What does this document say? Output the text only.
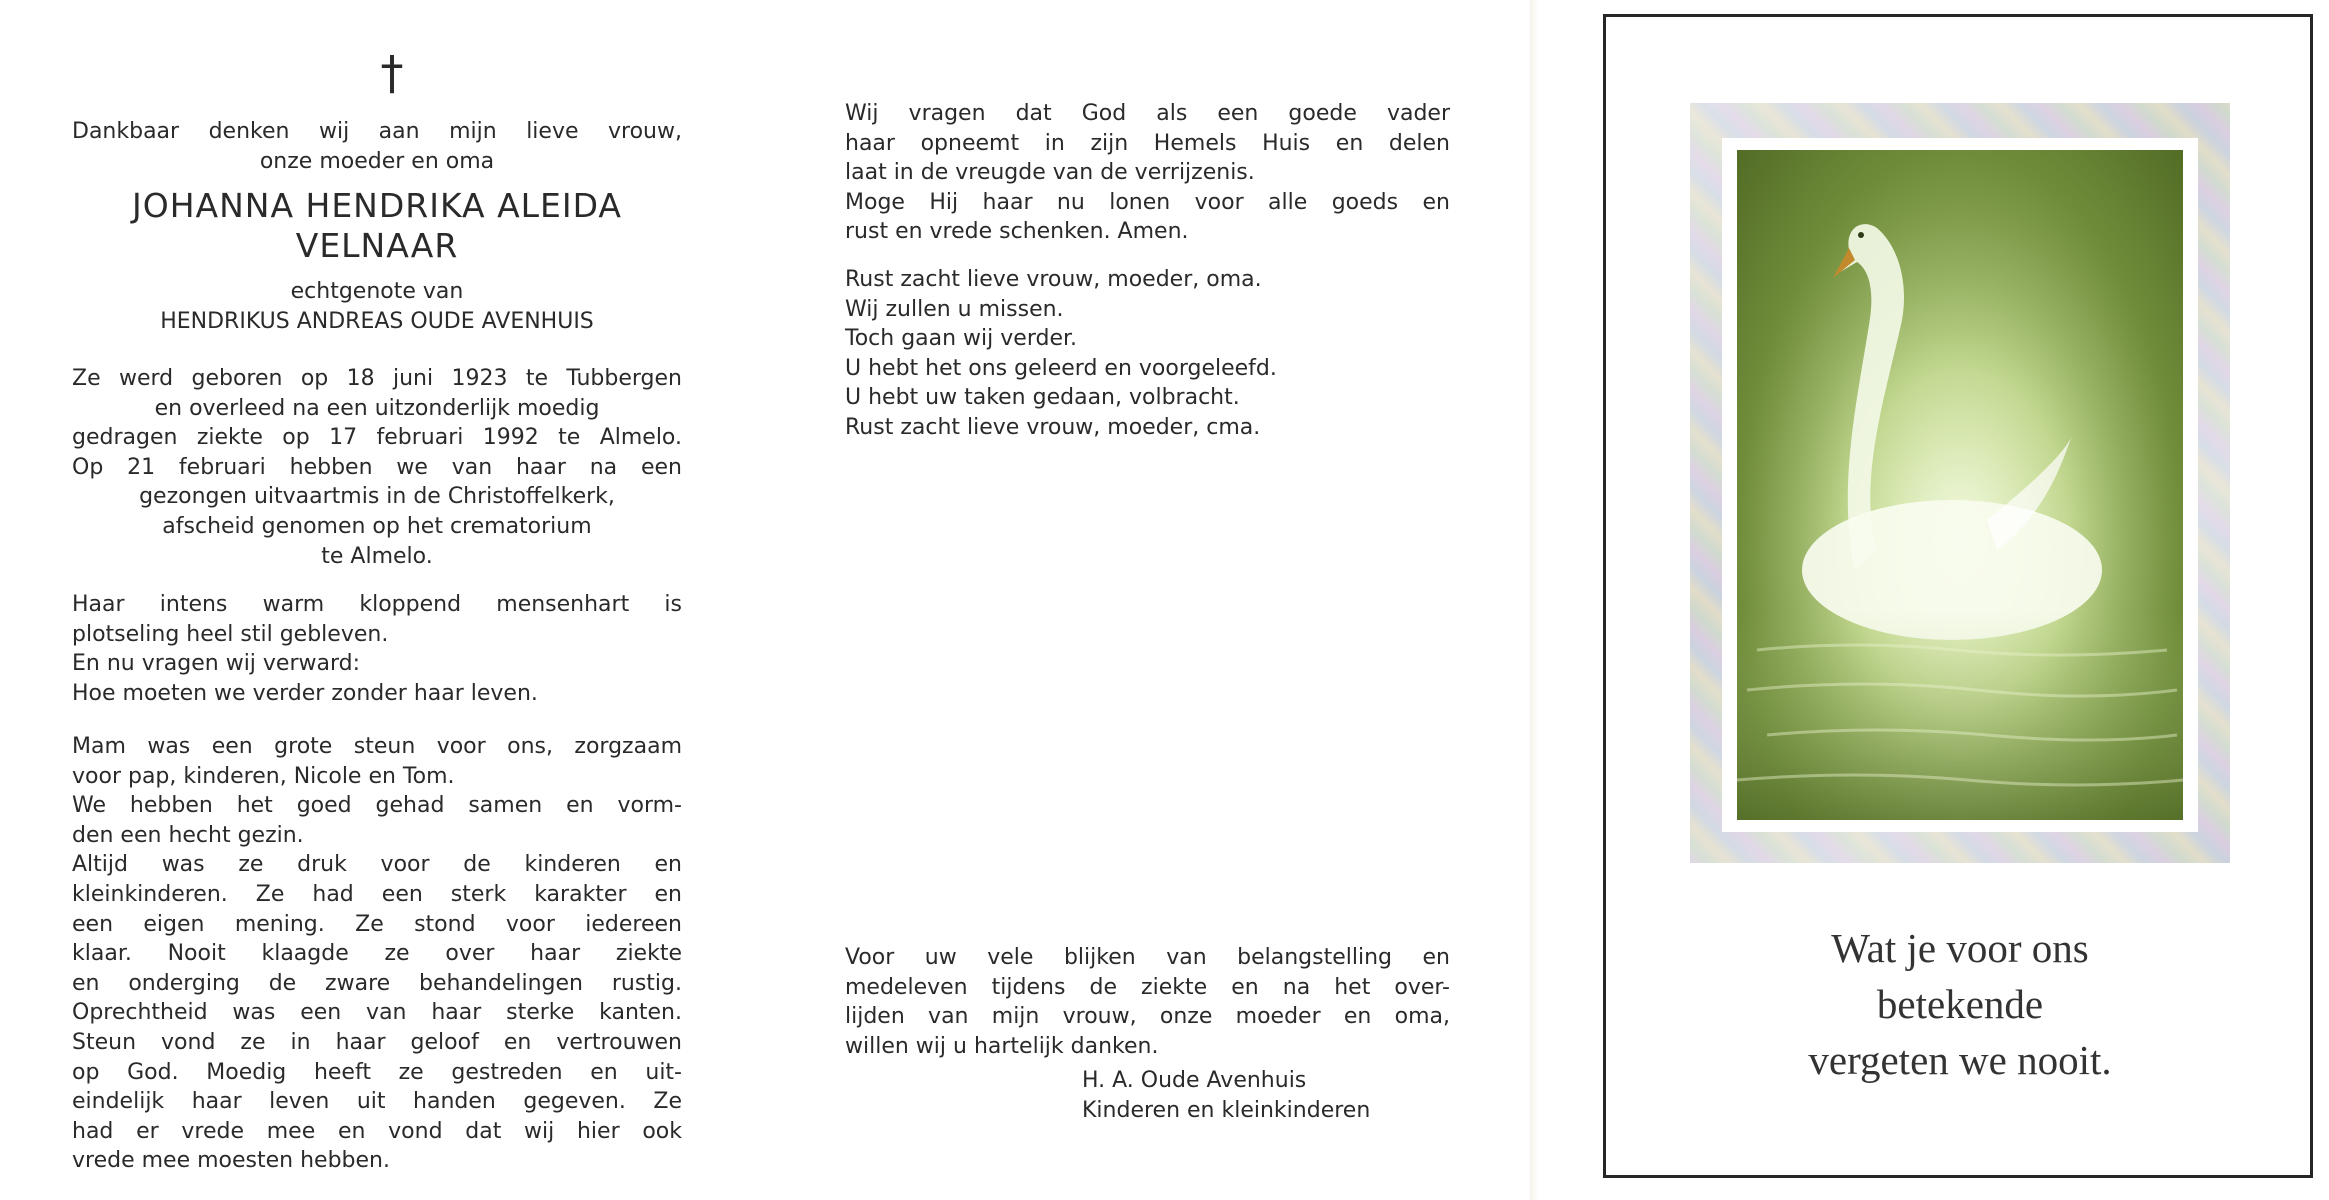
†
Dankbaar denken wij aan mijn lieve vrouw,
onze moeder en oma
JOHANNA HENDRIKA ALEIDA
VELNAAR
echtgenote van
HENDRIKUS ANDREAS OUDE AVENHUIS
Ze werd geboren op 18 juni 1923 te Tubbergen
en overleed na een uitzonderlijk moedig
gedragen ziekte op 17 februari 1992 te Almelo.
Op 21 februari hebben we van haar na een
gezongen uitvaartmis in de Christoffelkerk,
afscheid genomen op het crematorium
te Almelo.
Haar intens warm kloppend mensenhart is
plotseling heel stil gebleven.
En nu vragen wij verward:
Hoe moeten we verder zonder haar leven.
Mam was een grote steun voor ons, zorgzaam
voor pap, kinderen, Nicole en Tom.
We hebben het goed gehad samen en vorm-
den een hecht gezin.
Altijd was ze druk voor de kinderen en
kleinkinderen. Ze had een sterk karakter en
een eigen mening. Ze stond voor iedereen
klaar. Nooit klaagde ze over haar ziekte
en onderging de zware behandelingen rustig.
Oprechtheid was een van haar sterke kanten.
Steun vond ze in haar geloof en vertrouwen
op God. Moedig heeft ze gestreden en uit-
eindelijk haar leven uit handen gegeven. Ze
had er vrede mee en vond dat wij hier ook
vrede mee moesten hebben.
Wij vragen dat God als een goede vader
haar opneemt in zijn Hemels Huis en delen
laat in de vreugde van de verrijzenis.
Moge Hij haar nu lonen voor alle goeds en
rust en vrede schenken. Amen.
Rust zacht lieve vrouw, moeder, oma.
Wij zullen u missen.
Toch gaan wij verder.
U hebt het ons geleerd en voorgeleefd.
U hebt uw taken gedaan, volbracht.
Rust zacht lieve vrouw, moeder, cma.
Voor uw vele blijken van belangstelling en
medeleven tijdens de ziekte en na het over-
lijden van mijn vrouw, onze moeder en oma,
willen wij u hartelijk danken.
H. A. Oude Avenhuis
Kinderen en kleinkinderen
Wat je voor ons
betekende
vergeten we nooit.
